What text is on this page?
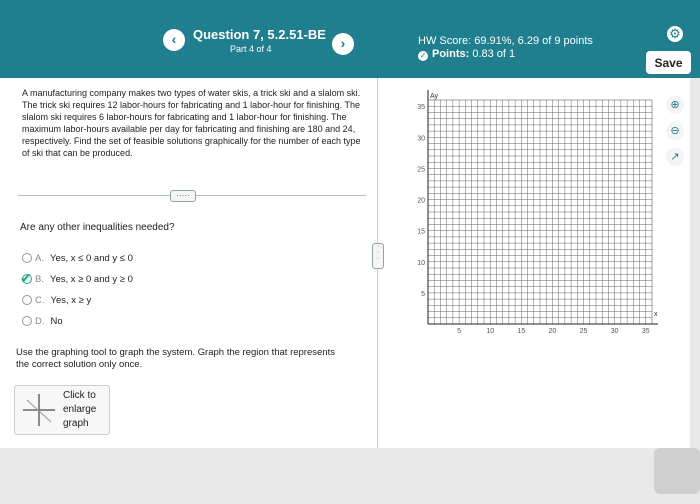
‹	Question 7, 5.2.51-BE
Part 4 of 4	›	HW Score: 69.91%, 6.29 of 9 points
✓ Points: 0.83 of 1
⚙
Save
A manufacturing company makes two types of water skis, a trick ski and a slalom ski. The trick ski requires 12 labor-hours for fabricating and 1 labor-hour for finishing. The slalom ski requires 6 labor-hours for fabricating and 1 labor-hour for finishing. The maximum labor-hours available per day for fabricating and finishing are 180 and 24, respectively. Find the set of feasible solutions graphically for the number of each type of ski that can be produced.
·····
Are any other inequalities needed?
A. Yes, x ≤ 0 and y ≤ 0
✔ B. Yes, x ≥ 0 and y ≥ 0
C. Yes, x ≥ y
D. No
Use the graphing tool to graph the system. Graph the region that represents the correct solution only once.
Click to
enlarge
graph
·
·
·
5	10	15	20	25	30	35
35
30
25
20
15
10
5
Ay
x
⊕
⊖
↗
